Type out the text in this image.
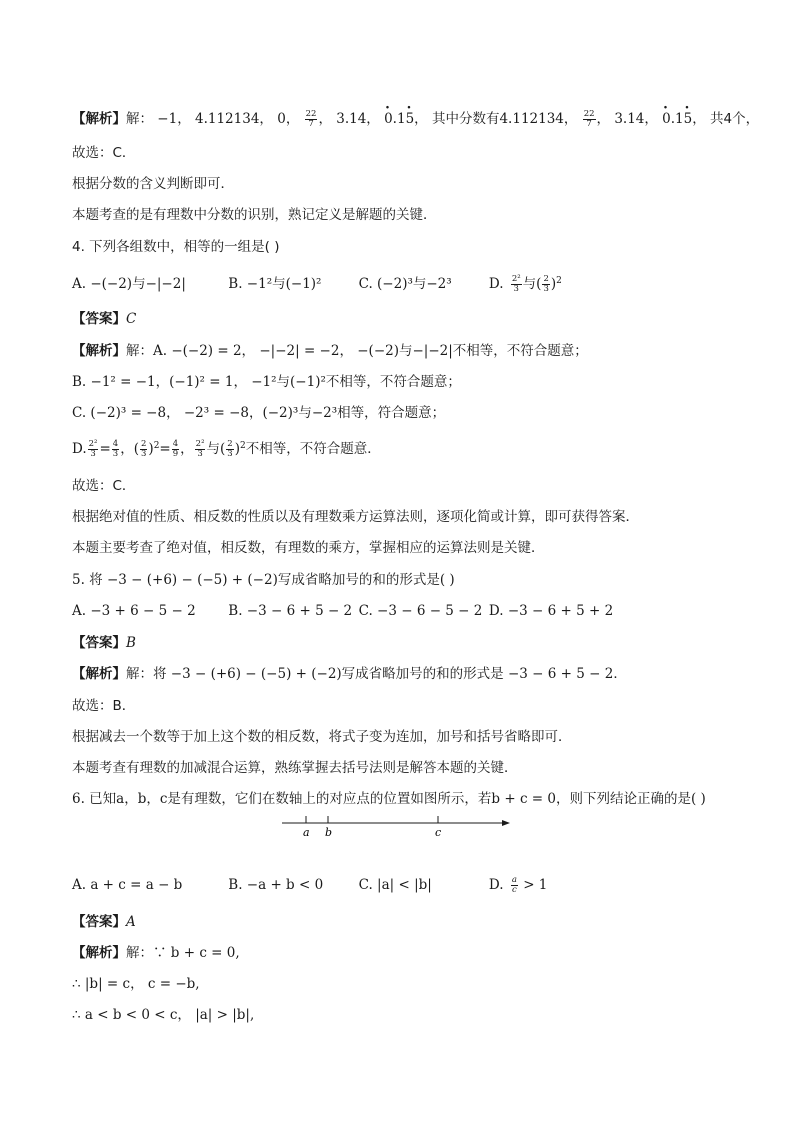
【解析】解： −1， 4.112134， 0， $\frac{22}{7}$ ， 3.14， · 0.1· 5， 其中分数有4.112134， $\frac{22}{7}$ ， 3.14， · 0.1· 5， 共4个，
故选：C．
根据分数的含义判断即可．
本题考查的是有理数中分数的识别，熟记定义是解题的关键．
4. 下列各组数中，相等的一组是( )
A. −(−2)与−|−2|	B. −1²与(−1)²	C. (−2)³与−2³	D. $\frac{\text{2²}}{3}$ 与( $\frac{2}{3} )^2$
【答案】C
【解析】解：A. −(−2) = 2， −|−2| = −2， −(−2)与−|−2|不相等，不符合题意；
B. −1² = −1，(−1)² = 1， −1²与(−1)²不相等，不符合题意；
C. (−2)³ = −8， −2³ = −8，(−2)³与−2³相等，符合题意；
D. $\frac{\text{2²}}{3} = \frac{4}{3}$ ，( $\frac{2}{3} )^2= \frac{4}{9}$ ， $\frac{\text{2²}}{3}$ 与( $\frac{2}{3} )^2$不相等，不符合题意．
故选：C．
根据绝对值的性质、相反数的性质以及有理数乘方运算法则，逐项化简或计算，即可获得答案．
本题主要考查了绝对值，相反数，有理数的乘方，掌握相应的运算法则是关键．
5. 将 −3 − (+6) − (−5) + (−2)写成省略加号的和的形式是( )
A. −3 + 6 − 5 − 2 B. −3 − 6 + 5 − 2 C. −3 − 6 − 5 − 2 D. −3 − 6 + 5 + 2
【答案】B
【解析】解：将 −3 − (+6) − (−5) + (−2)写成省略加号的和的形式是 −3 − 6 + 5 − 2．
故选：B．
根据减去一个数等于加上这个数的相反数，将式子变为连加，加号和括号省略即可．
本题考查有理数的加减混合运算，熟练掌握去括号法则是解答本题的关键．
6. 已知a，b，c是有理数，它们在数轴上的对应点的位置如图所示，若b + c = 0，则下列结论正确的是( )
a b	c
A. a + c = a − b	B. −a + b < 0	C. |a| < |b|	D. $\frac{a}{c} > 1$
【答案】A
【解析】解：∵ b + c = 0,
∴ |b| = c， c = −b,
∴ a < b < 0 < c， |a| > |b|,
